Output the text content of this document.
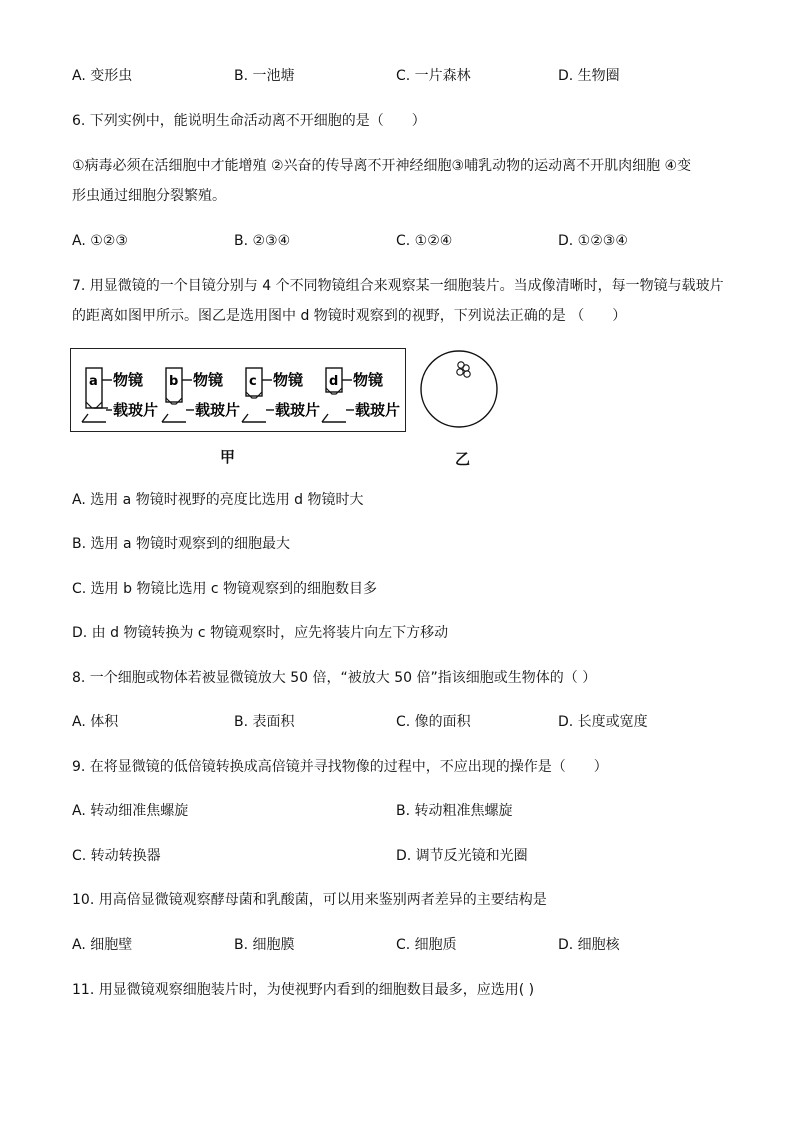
A. 变形虫	B. 一池塘	C. 一片森林	D. 生物圈
6. 下列实例中，能说明生命活动离不开细胞的是（　　）
①病毒必须在活细胞中才能增殖 ②兴奋的传导离不开神经细胞③哺乳动物的运动离不开肌肉细胞 ④变
形虫通过细胞分裂繁殖。
A. ①②③	B. ②③④	C. ①②④	D. ①②③④
7. 用显微镜的一个目镜分别与 4 个不同物镜组合来观察某一细胞装片。当成像清晰时，每一物镜与载玻片
的距离如图甲所示。图乙是选用图中 d 物镜时观察到的视野，下列说法正确的是 （　　）
a	b	c	d
物镜	物镜	物镜	物镜
载玻片 载玻片 载玻片 载玻片
甲	乙
A. 选用 a 物镜时视野的亮度比选用 d 物镜时大
B. 选用 a 物镜时观察到的细胞最大
C. 选用 b 物镜比选用 c 物镜观察到的细胞数目多
D. 由 d 物镜转换为 c 物镜观察时，应先将装片向左下方移动
8. 一个细胞或物体若被显微镜放大 50 倍，“被放大 50 倍”指该细胞或生物体的（ ）
A. 体积	B. 表面积	C. 像的面积	D. 长度或宽度
9. 在将显微镜的低倍镜转换成高倍镜并寻找物像的过程中，不应出现的操作是（　　）
A. 转动细准焦螺旋	B. 转动粗准焦螺旋
C. 转动转换器	D. 调节反光镜和光圈
10. 用高倍显微镜观察酵母菌和乳酸菌，可以用来鉴别两者差异的主要结构是
A. 细胞壁	B. 细胞膜	C. 细胞质	D. 细胞核
11. 用显微镜观察细胞装片时，为使视野内看到的细胞数目最多，应选用( )
